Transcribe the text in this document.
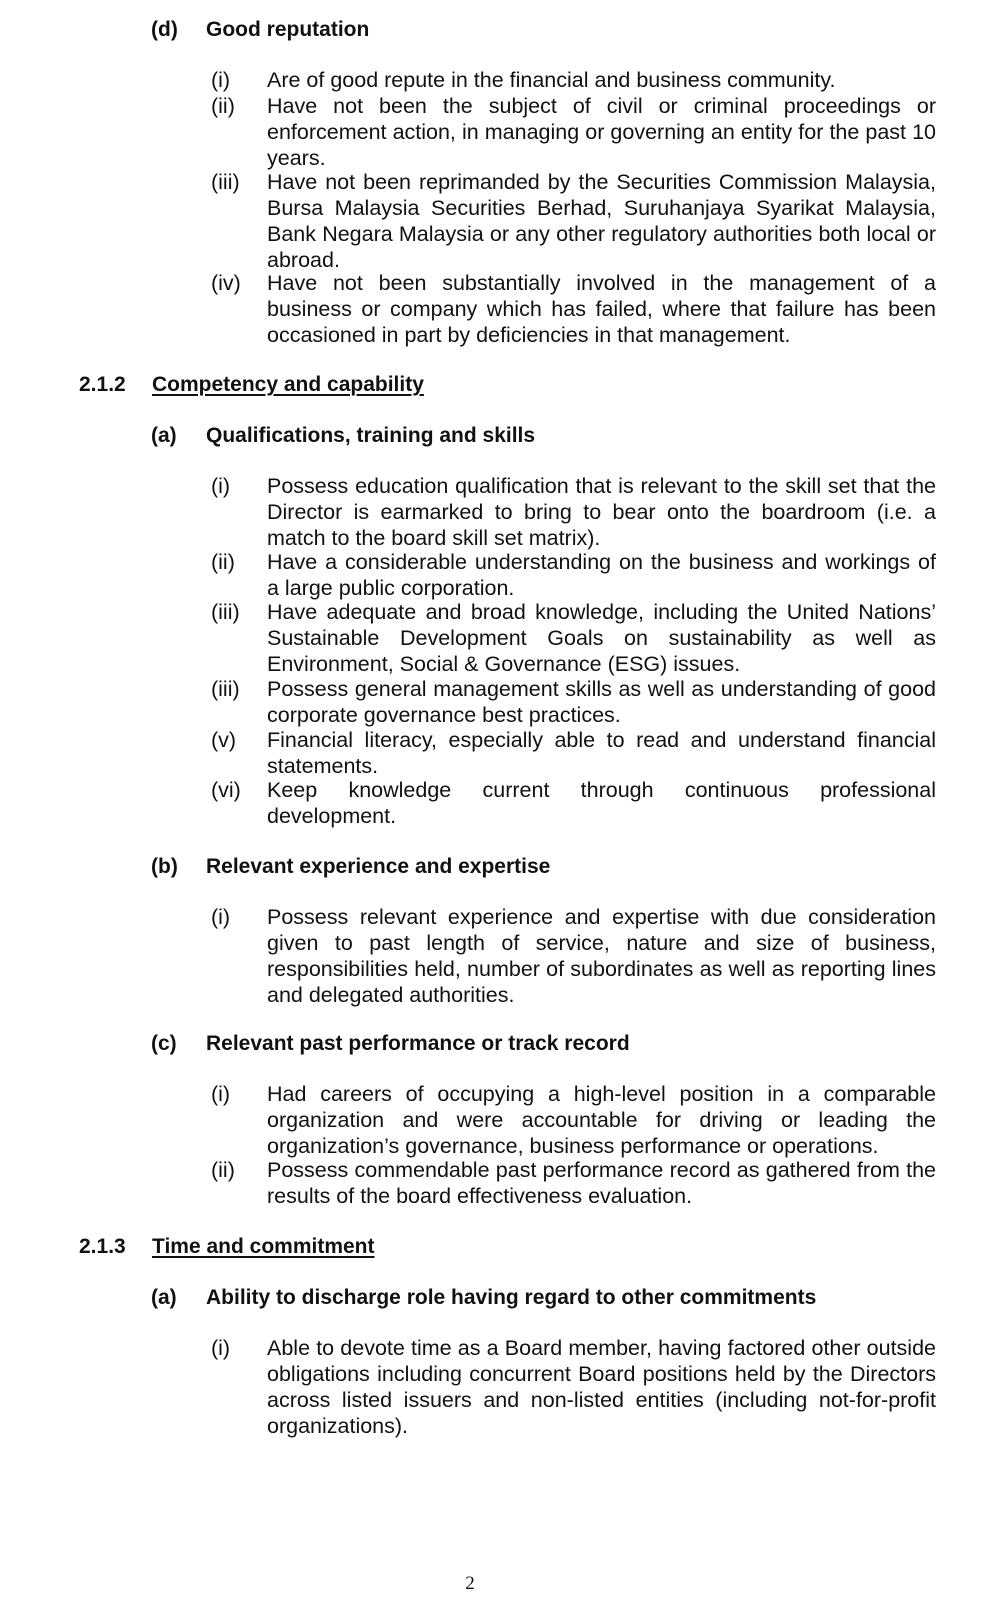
(d) Good reputation
(i) Are of good repute in the financial and business community.
(ii) Have not been the subject of civil or criminal proceedings or enforcement action, in managing or governing an entity for the past 10 years.
(iii) Have not been reprimanded by the Securities Commission Malaysia, Bursa Malaysia Securities Berhad, Suruhanjaya Syarikat Malaysia, Bank Negara Malaysia or any other regulatory authorities both local or abroad.
(iv) Have not been substantially involved in the management of a business or company which has failed, where that failure has been occasioned in part by deficiencies in that management.
2.1.2 Competency and capability
(a) Qualifications, training and skills
(i) Possess education qualification that is relevant to the skill set that the Director is earmarked to bring to bear onto the boardroom (i.e. a match to the board skill set matrix).
(ii) Have a considerable understanding on the business and workings of a large public corporation.
(iii) Have adequate and broad knowledge, including the United Nations’ Sustainable Development Goals on sustainability as well as Environment, Social & Governance (ESG) issues.
(iii) Possess general management skills as well as understanding of good corporate governance best practices.
(v) Financial literacy, especially able to read and understand financial statements.
(vi) Keep knowledge current through continuous professional development.
(b) Relevant experience and expertise
(i) Possess relevant experience and expertise with due consideration given to past length of service, nature and size of business, responsibilities held, number of subordinates as well as reporting lines and delegated authorities.
(c) Relevant past performance or track record
(i) Had careers of occupying a high-level position in a comparable organization and were accountable for driving or leading the organization’s governance, business performance or operations.
(ii) Possess commendable past performance record as gathered from the results of the board effectiveness evaluation.
2.1.3 Time and commitment
(a) Ability to discharge role having regard to other commitments
(i) Able to devote time as a Board member, having factored other outside obligations including concurrent Board positions held by the Directors across listed issuers and non-listed entities (including not-for-profit organizations).
2
